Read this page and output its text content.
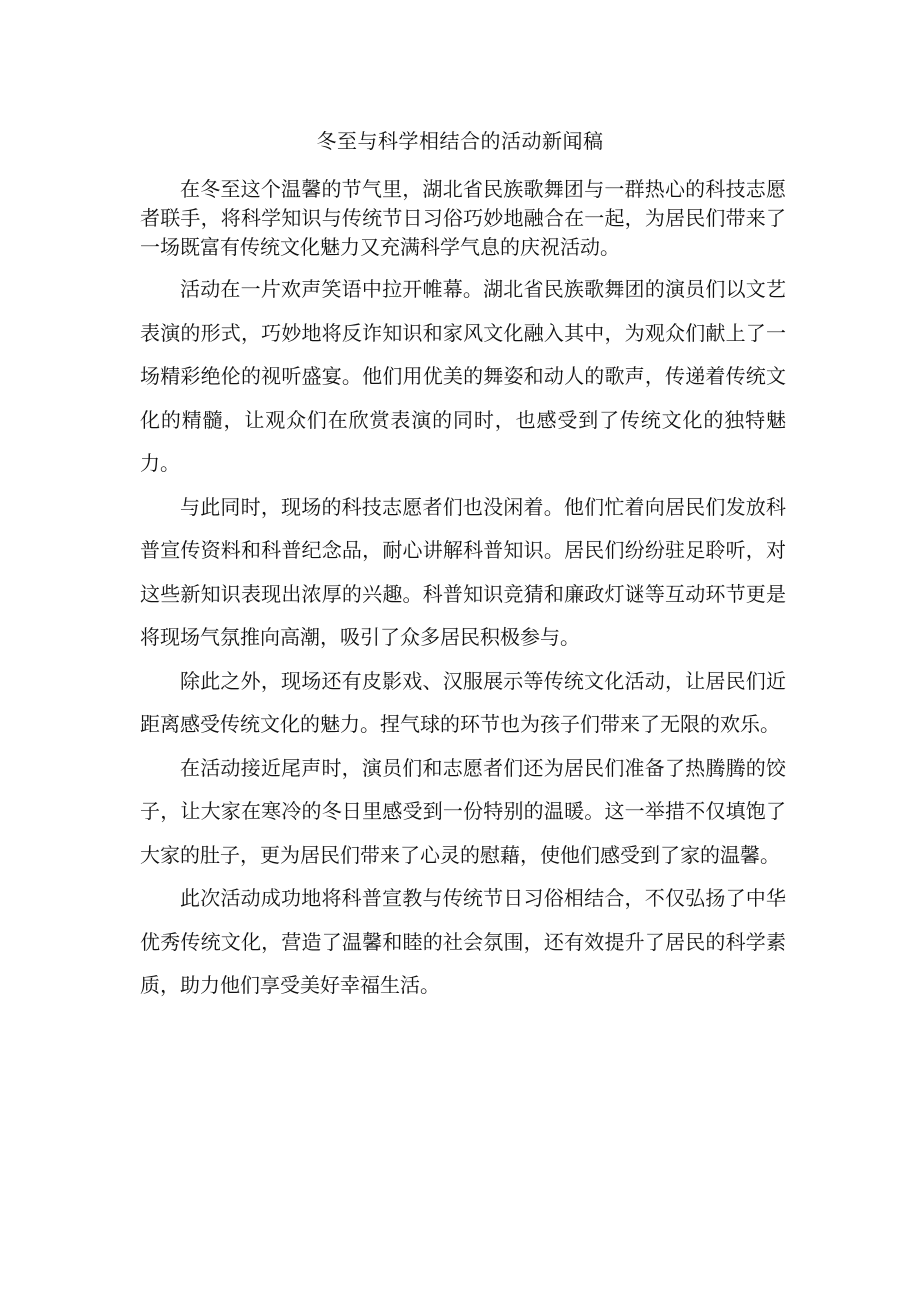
冬至与科学相结合的活动新闻稿

在冬至这个温馨的节气里，湖北省民族歌舞团与一群热心的科技志愿者联手，将科学知识与传统节日习俗巧妙地融合在一起，为居民们带来了一场既富有传统文化魅力又充满科学气息的庆祝活动。

活动在一片欢声笑语中拉开帷幕。湖北省民族歌舞团的演员们以文艺表演的形式，巧妙地将反诈知识和家风文化融入其中，为观众们献上了一场精彩绝伦的视听盛宴。他们用优美的舞姿和动人的歌声，传递着传统文化的精髓，让观众们在欣赏表演的同时，也感受到了传统文化的独特魅力。

与此同时，现场的科技志愿者们也没闲着。他们忙着向居民们发放科普宣传资料和科普纪念品，耐心讲解科普知识。居民们纷纷驻足聆听，对这些新知识表现出浓厚的兴趣。科普知识竞猜和廉政灯谜等互动环节更是将现场气氛推向高潮，吸引了众多居民积极参与。

除此之外，现场还有皮影戏、汉服展示等传统文化活动，让居民们近距离感受传统文化的魅力。捏气球的环节也为孩子们带来了无限的欢乐。

在活动接近尾声时，演员们和志愿者们还为居民们准备了热腾腾的饺子，让大家在寒冷的冬日里感受到一份特别的温暖。这一举措不仅填饱了大家的肚子，更为居民们带来了心灵的慰藉，使他们感受到了家的温馨。

此次活动成功地将科普宣教与传统节日习俗相结合，不仅弘扬了中华优秀传统文化，营造了温馨和睦的社会氛围，还有效提升了居民的科学素质，助力他们享受美好幸福生活。
